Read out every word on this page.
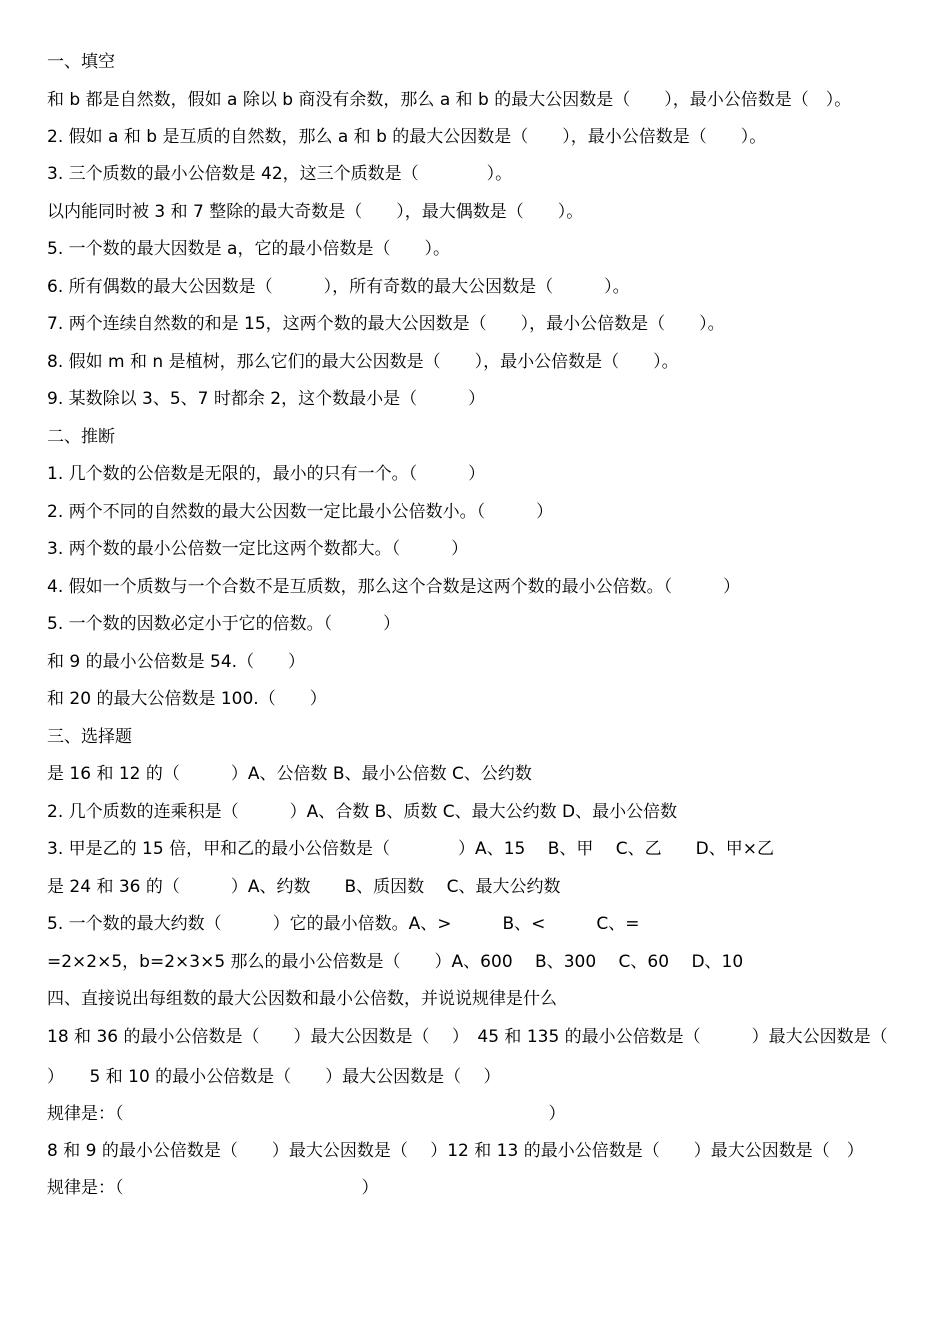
一、填空
和 b 都是自然数，假如 a 除以 b 商没有余数，那么 a 和 b 的最大公因数是（　　），最小公倍数是（　）。
2. 假如 a 和 b 是互质的自然数，那么 a 和 b 的最大公因数是（　　），最小公倍数是（　　）。
3. 三个质数的最小公倍数是 42，这三个质数是（　　　　）。
以内能同时被 3 和 7 整除的最大奇数是（　　），最大偶数是（　　）。
5. 一个数的最大因数是 a，它的最小倍数是（　　）。
6. 所有偶数的最大公因数是（　　　），所有奇数的最大公因数是（　　　）。
7. 两个连续自然数的和是 15，这两个数的最大公因数是（　　），最小公倍数是（　　）。
8. 假如 m 和 n 是植树，那么它们的最大公因数是（　　），最小公倍数是（　　）。
9. 某数除以 3、5、7 时都余 2，这个数最小是（　　　）
二、推断
1. 几个数的公倍数是无限的，最小的只有一个。（　　　）
2. 两个不同的自然数的最大公因数一定比最小公倍数小。（　　　）
3. 两个数的最小公倍数一定比这两个数都大。（　　　）
4. 假如一个质数与一个合数不是互质数，那么这个合数是这两个数的最小公倍数。（　　　）
5. 一个数的因数必定小于它的倍数。（　　　）
和 9 的最小公倍数是 54.（　　）
和 20 的最大公倍数是 100.（　　）
三、选择题
是 16 和 12 的（　　　）A、公倍数 B、最小公倍数 C、公约数
2. 几个质数的连乘积是（　　　）A、合数 B、质数 C、最大公约数 D、最小公倍数
3. 甲是乙的 15 倍，甲和乙的最小公倍数是（　　　　）A、15　 B、甲　 C、乙　　D、甲×乙
是 24 和 36 的（　　　）A、约数　　B、质因数　 C、最大公约数
5. 一个数的最大约数（　　　）它的最小倍数。A、>　　　B、<　　　C、=
=2×2×5，b=2×3×5 那么的最小公倍数是（　　）A、600　 B、300　 C、60　 D、10
四、直接说出每组数的最大公因数和最小公倍数，并说说规律是什么
18 和 36 的最小公倍数是（　　）最大公因数是（　 ）　45 和 135 的最小公倍数是（　　　）最大公因数是（　 ）　　5 和 10 的最小公倍数是（　　）最大公因数是（　 ）
规律是：（　　　　　　　　　　　　　　　　　　　　　　　　　）
8 和 9 的最小公倍数是（　　）最大公因数是（　 ）12 和 13 的最小公倍数是（　　）最大公因数是（　）
规律是：（　　　　　　　　　　　　　　）
